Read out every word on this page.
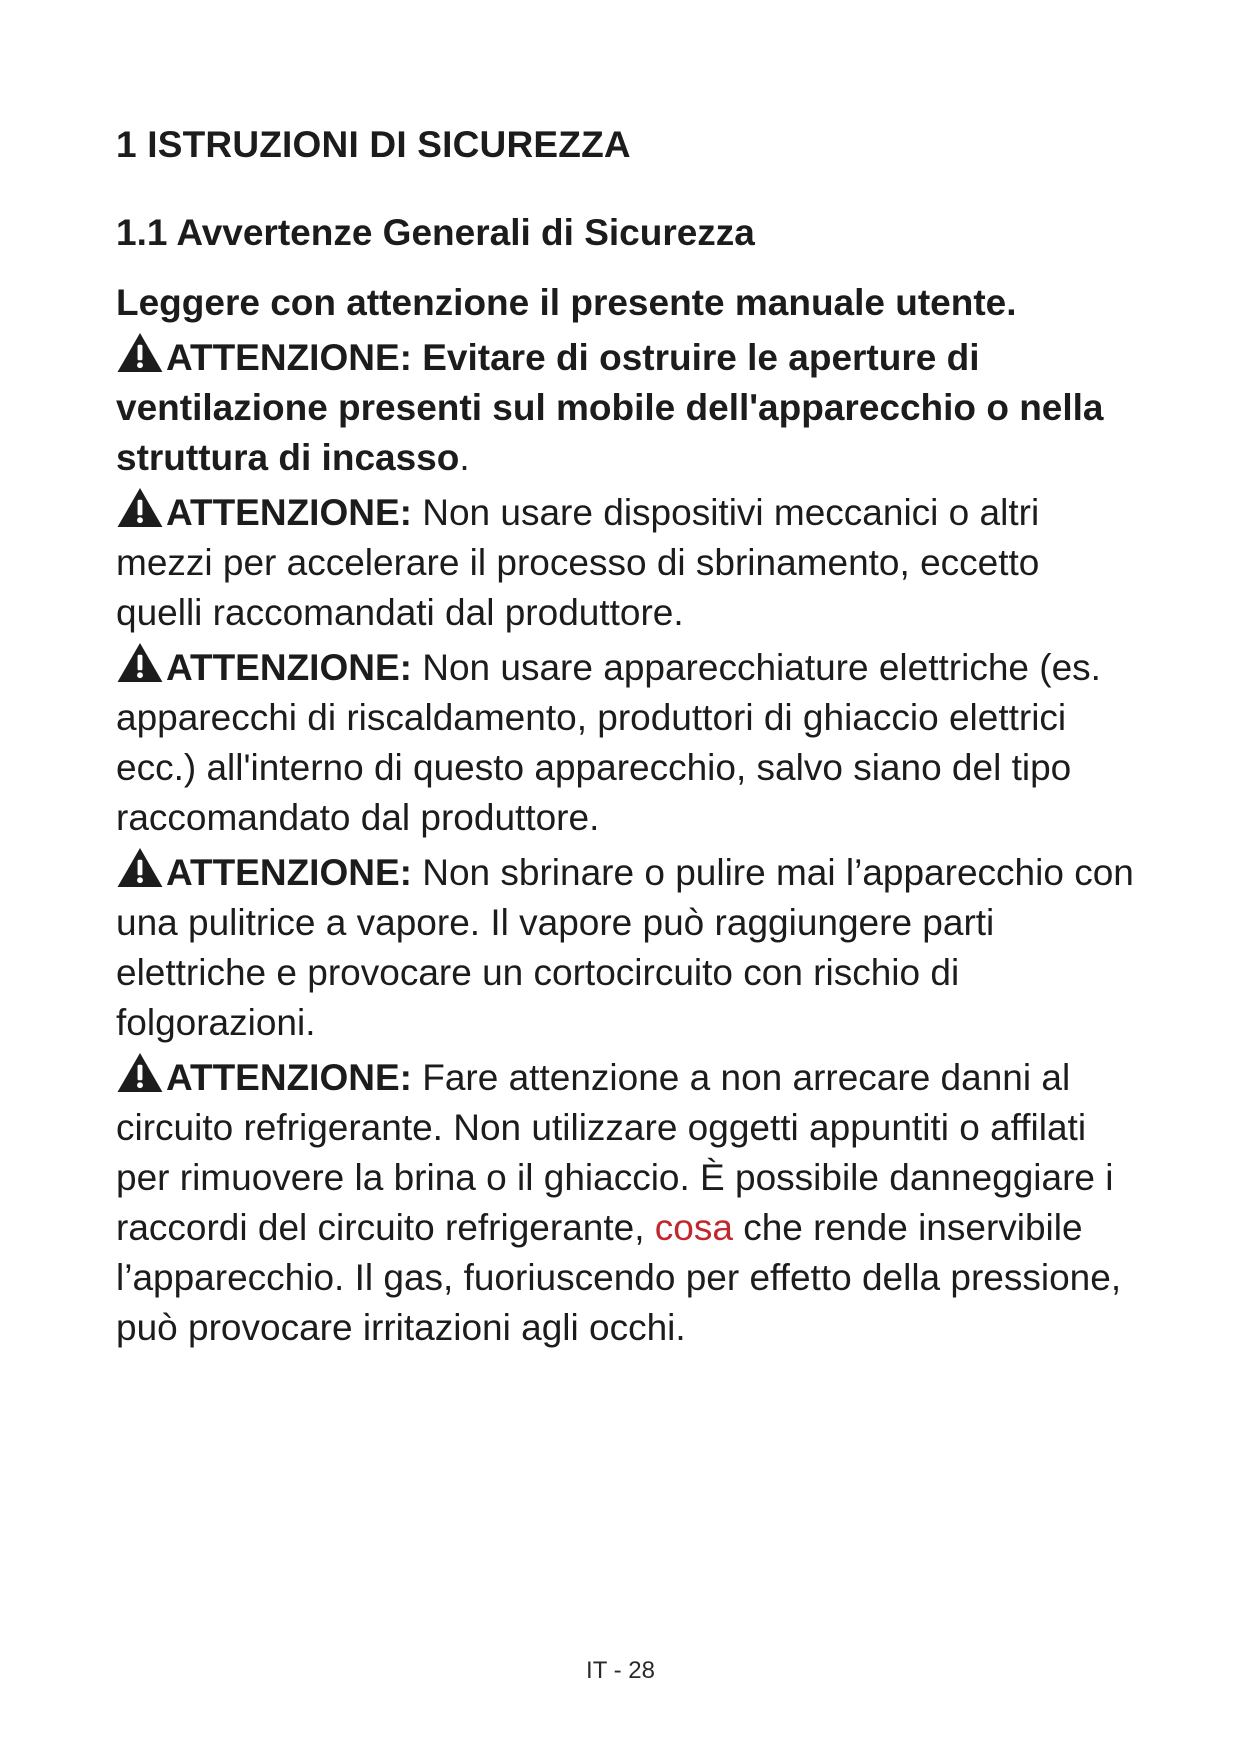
1 ISTRUZIONI DI SICUREZZA
1.1 Avvertenze Generali di Sicurezza
Leggere con attenzione il presente manuale utente.
ATTENZIONE: Evitare di ostruire le aperture di ventilazione presenti sul mobile dell'apparecchio o nella struttura di incasso.
ATTENZIONE: Non usare dispositivi meccanici o altri mezzi per accelerare il processo di sbrinamento, eccetto quelli raccomandati dal produttore.
ATTENZIONE: Non usare apparecchiature elettriche (es. apparecchi di riscaldamento, produttori di ghiaccio elettrici ecc.) all'interno di questo apparecchio, salvo siano del tipo raccomandato dal produttore.
ATTENZIONE: Non sbrinare o pulire mai l’apparecchio con una pulitrice a vapore. Il vapore può raggiungere parti elettriche e provocare un cortocircuito con rischio di folgorazioni.
ATTENZIONE: Fare attenzione a non arrecare danni al circuito refrigerante. Non utilizzare oggetti appuntiti o affilati per rimuovere la brina o il ghiaccio. È possibile danneggiare i raccordi del circuito refrigerante, cosa che rende inservibile l’apparecchio. Il gas, fuoriuscendo per effetto della pressione, può provocare irritazioni agli occhi.
IT - 28
